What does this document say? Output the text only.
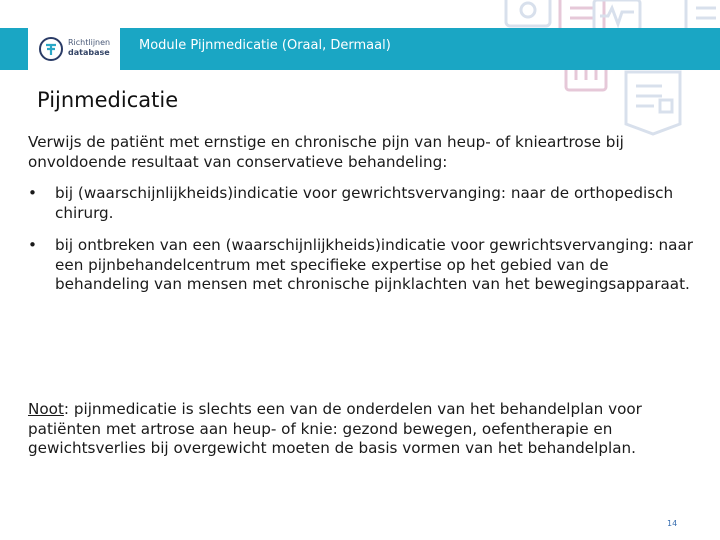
Richtlijnen
database Module Pijnmedicatie (Oraal, Dermaal)
Pijnmedicatie

Verwijs de patiënt met ernstige en chronische pijn van heup- of knieartrose bij onvoldoende resultaat van conservatieve behandeling:

• bij (waarschijnlijkheids)indicatie voor gewrichtsvervanging: naar de orthopedisch chirurg.
• bij ontbreken van een (waarschijnlijkheids)indicatie voor gewrichtsvervanging: naar een pijnbehandelcentrum met specifieke expertise op het gebied van de behandeling van mensen met chronische pijnklachten van het bewegingsapparaat.

Noot: pijnmedicatie is slechts een van de onderdelen van het behandelplan voor patiënten met artrose aan heup- of knie: gezond bewegen, oefentherapie en gewichtsverlies bij overgewicht moeten de basis vormen van het behandelplan.

14
